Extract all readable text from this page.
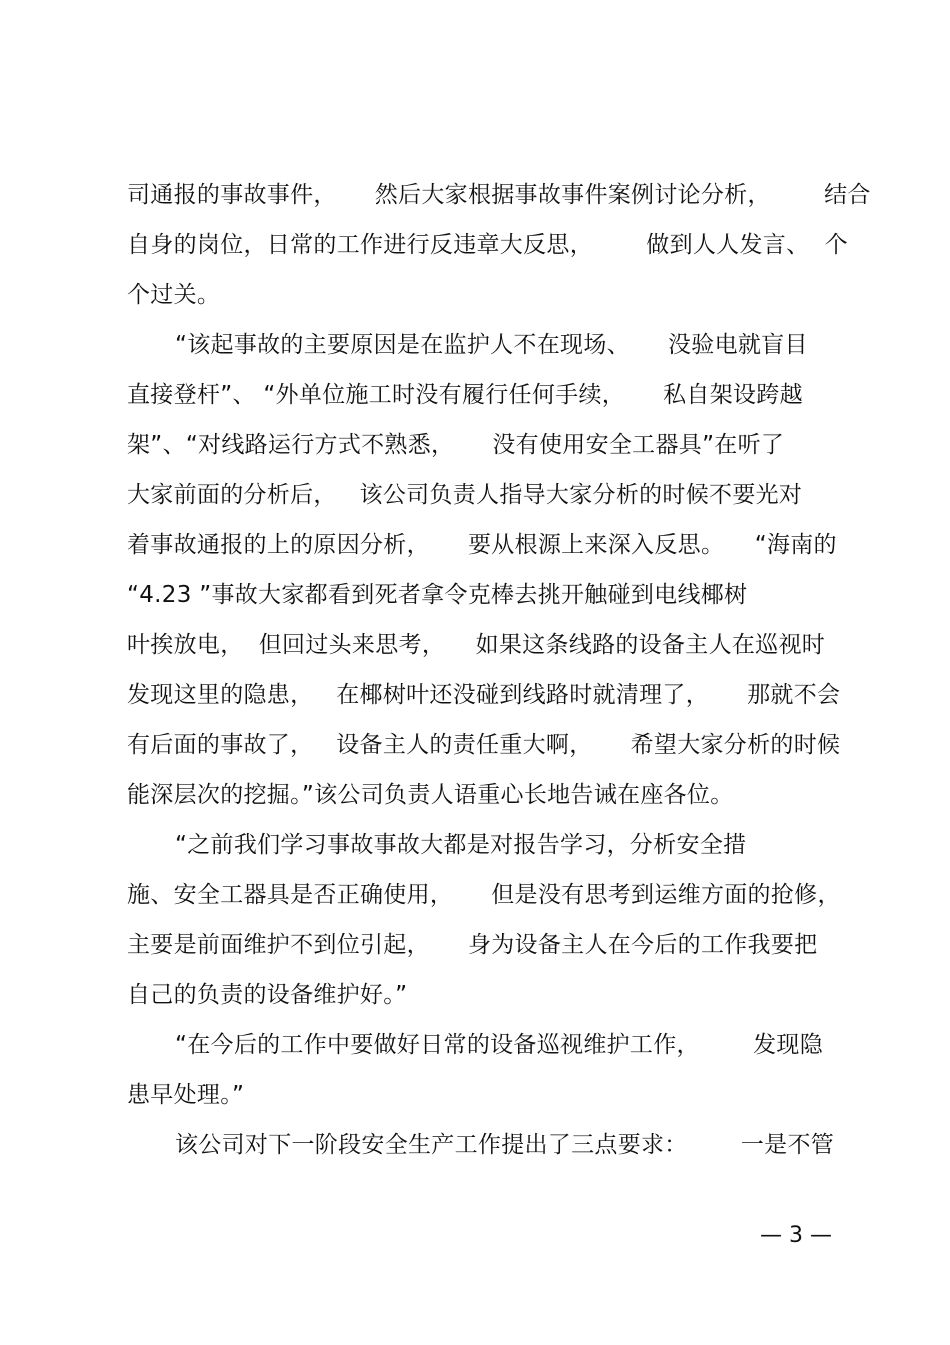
司通报的事故事件，     然后大家根据事故事件案例讨论分析，       结合
自身的岗位，日常的工作进行反违章大反思，       做到人人发言、  个
个过关。
“该起事故的主要原因是在监护人不在现场、     没验电就盲目
直接登杆”、 “外单位施工时没有履行任何手续，     私自架设跨越
架”、“对线路运行方式不熟悉，     没有使用安全工器具”在听了
大家前面的分析后，   该公司负责人指导大家分析的时候不要光对
着事故通报的上的原因分析，     要从根源上来深入反思。    “海南的
“4.23 ”事故大家都看到死者拿令克棒去挑开触碰到电线椰树
叶挨放电，  但回过头来思考，    如果这条线路的设备主人在巡视时
发现这里的隐患，   在椰树叶还没碰到线路时就清理了，     那就不会
有后面的事故了，   设备主人的责任重大啊，     希望大家分析的时候
能深层次的挖掘。”该公司负责人语重心长地告诫在座各位。
“之前我们学习事故事故大都是对报告学习，分析安全措
施、安全工器具是否正确使用，     但是没有思考到运维方面的抢修，
主要是前面维护不到位引起，     身为设备主人在今后的工作我要把
自己的负责的设备维护好。”
“在今后的工作中要做好日常的设备巡视维护工作，       发现隐
患早处理。”
该公司对下一阶段安全生产工作提出了三点要求：       一是不管
— 3 —
